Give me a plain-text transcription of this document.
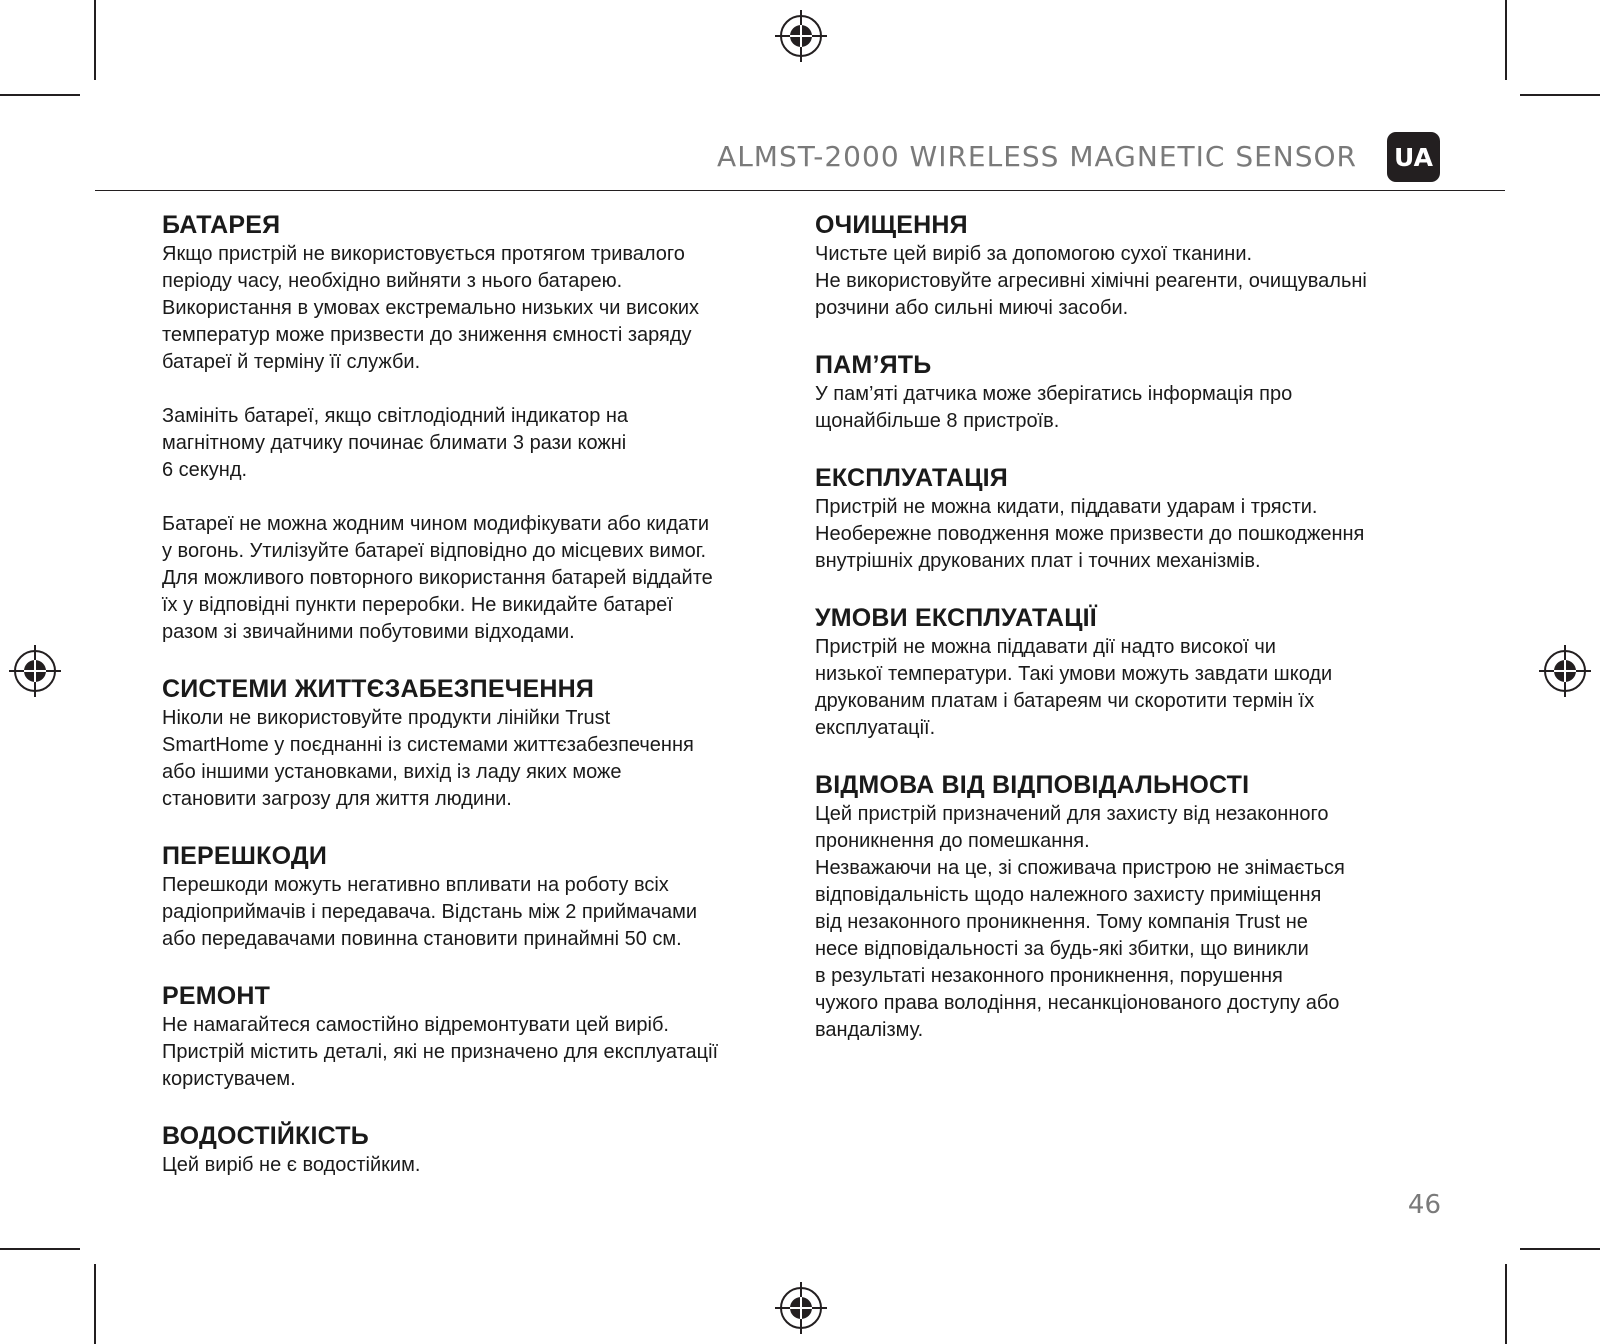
ALMST-2000 WIRELESS MAGNETIC SENSOR UA
БАТАРЕЯ
Якщо пристрій не використовується протягом тривалого
періоду часу, необхідно вийняти з нього батарею.
Використання в умовах екстремально низьких чи високих
температур може призвести до зниження ємності заряду
батареї й терміну її служби.
Замініть батареї, якщо світлодіодний індикатор на
магнітному датчику починає блимати 3 рази кожні
6 секунд.
Батареї не можна жодним чином модифікувати або кидати
у вогонь. Утилізуйте батареї відповідно до місцевих вимог.
Для можливого повторного використання батарей віддайте
їх у відповідні пункти переробки. Не викидайте батареї
разом зі звичайними побутовими відходами.
СИСТЕМИ ЖИТТЄЗАБЕЗПЕЧЕННЯ
Ніколи не використовуйте продукти лінійки Trust
SmartHome у поєднанні із системами життєзабезпечення
або іншими установками, вихід із ладу яких може
становити загрозу для життя людини.
ПЕРЕШКОДИ
Перешкоди можуть негативно впливати на роботу всіх
радіоприймачів і передавача. Відстань між 2 приймачами
або передавачами повинна становити принаймні 50 см.
РЕМОНТ
Не намагайтеся самостійно відремонтувати цей виріб.
Пристрій містить деталі, які не призначено для експлуатації
користувачем.
ВОДОСТІЙКІСТЬ
Цей виріб не є водостійким.
ОЧИЩЕННЯ
Чистьте цей виріб за допомогою сухої тканини.
Не використовуйте агресивні хімічні реагенти, очищувальні
розчини або сильні миючі засоби.
ПАМ’ЯТЬ
У пам’яті датчика може зберігатись інформація про
щонайбільше 8 пристроїв.
ЕКСПЛУАТАЦІЯ
Пристрій не можна кидати, піддавати ударам і трясти.
Необережне поводження може призвести до пошкодження
внутрішніх друкованих плат і точних механізмів.
УМОВИ ЕКСПЛУАТАЦІЇ
Пристрій не можна піддавати дії надто високої чи
низької температури. Такі умови можуть завдати шкоди
друкованим платам і батареям чи скоротити термін їх
експлуатації.
ВІДМОВА ВІД ВІДПОВІДАЛЬНОСТІ
Цей пристрій призначений для захисту від незаконного
проникнення до помешкання.
Незважаючи на це, зі споживача пристрою не знімається
відповідальність щодо належного захисту приміщення
від незаконного проникнення. Тому компанія Trust не
несе відповідальності за будь-які збитки, що виникли
в результаті незаконного проникнення, порушення
чужого права володіння, несанкціонованого доступу або
вандалізму.
46
